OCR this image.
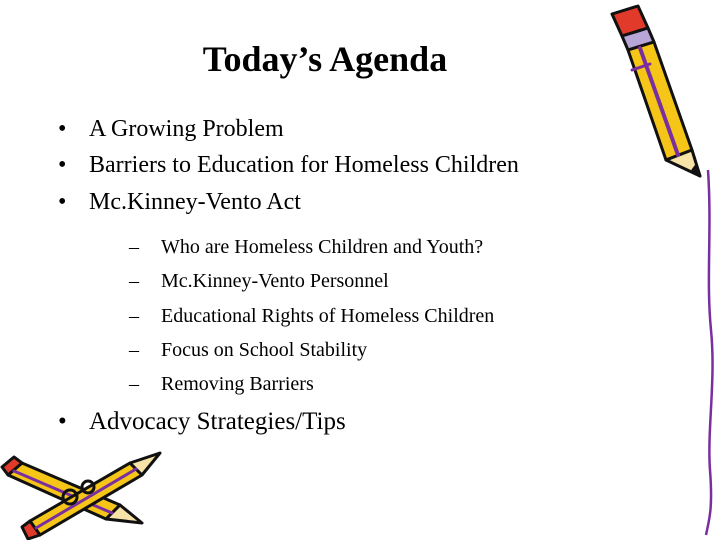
Today’s Agenda
• A Growing Problem
• Barriers to Education for Homeless Children
• Mc.Kinney-Vento Act
– Who are Homeless Children and Youth?
– Mc.Kinney-Vento Personnel
– Educational Rights of Homeless Children
– Focus on School Stability
– Removing Barriers
• Advocacy Strategies/Tips
